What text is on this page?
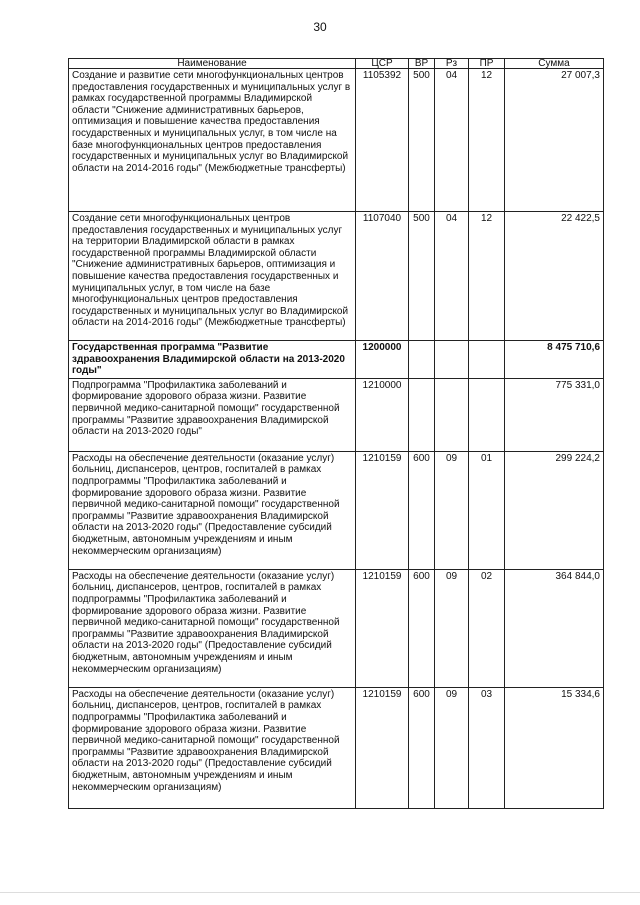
30
Наименование	ЦСР	ВР	Рз	ПР	Сумма
Создание и развитие сети многофункциональных центров предоставления государственных и муниципальных услуг в рамках государственной программы Владимирской области "Снижение административных барьеров, оптимизация и повышение качества предоставления государственных и муниципальных услуг, в том числе на базе многофункциональных центров предоставления государственных и муниципальных услуг во Владимирской области на 2014-2016 годы" (Межбюджетные трансферты)	1105392	500	04	12	27 007,3
Создание сети многофункциональных центров предоставления государственных и муниципальных услуг на территории Владимирской области в рамках государственной программы Владимирской области "Снижение административных барьеров, оптимизация и повышение качества предоставления государственных и муниципальных услуг, в том числе на базе многофункциональных центров предоставления государственных и муниципальных услуг во Владимирской области на 2014-2016 годы" (Межбюджетные трансферты)	1107040	500	04	12	22 422,5
Государственная программа "Развитие здравоохранения Владимирской области на 2013-2020 годы"	1200000				8 475 710,6
Подпрограмма "Профилактика заболеваний и формирование здорового образа жизни. Развитие первичной медико-санитарной помощи" государственной программы "Развитие здравоохранения Владимирской области на 2013-2020 годы"	1210000				775 331,0
Расходы на обеспечение деятельности (оказание услуг) больниц, диспансеров, центров, госпиталей в рамках подпрограммы "Профилактика заболеваний и формирование здорового образа жизни. Развитие первичной медико-санитарной помощи" государственной программы "Развитие здравоохранения Владимирской области на 2013-2020 годы" (Предоставление субсидий бюджетным, автономным учреждениям и иным некоммерческим организациям)	1210159	600	09	01	299 224,2
Расходы на обеспечение деятельности (оказание услуг) больниц, диспансеров, центров, госпиталей в рамках подпрограммы "Профилактика заболеваний и формирование здорового образа жизни. Развитие первичной медико-санитарной помощи" государственной программы "Развитие здравоохранения Владимирской области на 2013-2020 годы" (Предоставление субсидий бюджетным, автономным учреждениям и иным некоммерческим организациям)	1210159	600	09	02	364 844,0
Расходы на обеспечение деятельности (оказание услуг) больниц, диспансеров, центров, госпиталей в рамках подпрограммы "Профилактика заболеваний и формирование здорового образа жизни. Развитие первичной медико-санитарной помощи" государственной программы "Развитие здравоохранения Владимирской области на 2013-2020 годы" (Предоставление субсидий бюджетным, автономным учреждениям и иным некоммерческим организациям)	1210159	600	09	03	15 334,6
